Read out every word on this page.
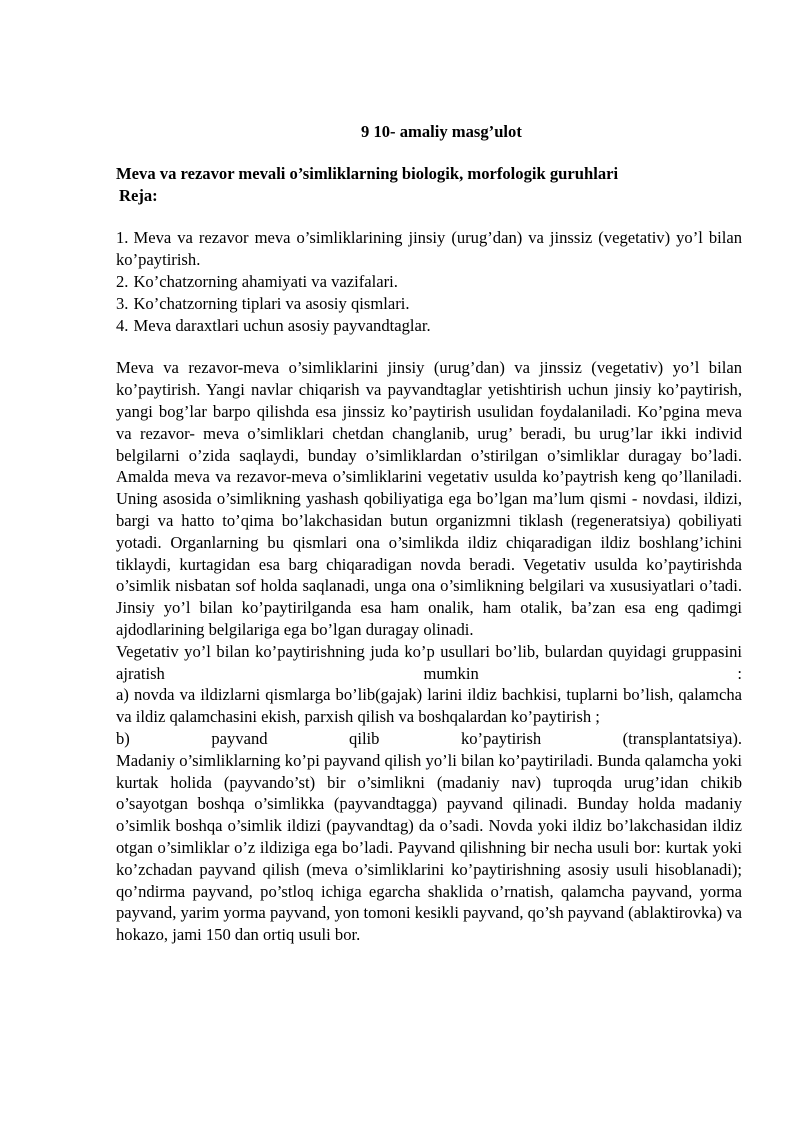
9 10- amaliy masg’ulot
Meva va rezavor mevali o’simliklarning biologik, morfologik guruhlari
Reja:
1. Meva va rezavor meva o’simliklarining jinsiy (urug’dan) va jinssiz (vegetativ) yo’l bilan ko’paytirish.
2. Ko’chatzorning ahamiyati va vazifalari.
3. Ko’chatzorning tiplari va asosiy qismlari.
4. Meva daraxtlari uchun asosiy payvandtaglar.

Meva va rezavor-meva o’simliklarini jinsiy (urug’dan) va jinssiz (vegetativ) yo’l bilan ko’paytirish. Yangi navlar chiqarish va payvandtaglar yetishtirish uchun jinsiy ko’paytirish, yangi bog’lar barpo qilishda esa jinssiz ko’paytirish usulidan foydalaniladi. Ko’pgina meva va rezavor- meva o’simliklari chetdan changlanib, urug’ beradi, bu urug’lar ikki individ belgilarni o’zida saqlaydi, bunday o’simliklardan o’stirilgan o’simliklar duragay bo’ladi. Amalda meva va rezavor-meva o’simliklarini vegetativ usulda ko’paytrish keng qo’llaniladi. Uning asosida o’simlikning yashash qobiliyatiga ega bo’lgan ma’lum qismi - novdasi, ildizi, bargi va hatto to’qima bo’lakchasidan butun organizmni tiklash (regeneratsiya) qobiliyati yotadi. Organlarning bu qismlari ona o’simlikda ildiz chiqaradigan ildiz boshlang’ichini tiklaydi, kurtagidan esa barg chiqaradigan novda beradi. Vegetativ usulda ko’paytirishda o’simlik nisbatan sof holda saqlanadi, unga ona o’simlikning belgilari va xususiyatlari o’tadi. Jinsiy yo’l bilan ko’paytirilganda esa ham onalik, ham otalik, ba’zan esa eng qadimgi ajdodlarining belgilariga ega bo’lgan duragay olinadi.

Vegetativ yo’l bilan ko’paytirishning juda ko’p usullari bo’lib, bulardan quyidagi gruppasini ajratish mumkin :

a) novda va ildizlarni qismlarga bo’lib(gajak) larini ildiz bachkisi, tuplarni bo’lish, qalamcha va ildiz qalamchasini ekish, parxish qilish va boshqalardan ko’paytirish ;

b) payvand qilib ko’paytirish (transplantatsiya).

Madaniy o’simliklarning ko’pi payvand qilish yo’li bilan ko’paytiriladi. Bunda qalamcha yoki kurtak holida (payvando’st) bir o’simlikni (madaniy nav) tuproqda urug’idan chikib o’sayotgan boshqa o’simlikka (payvandtagga) payvand qilinadi. Bunday holda madaniy o’simlik boshqa o’simlik ildizi (payvandtag) da o’sadi. Novda yoki ildiz bo’lakchasidan ildiz otgan o’simliklar o’z ildiziga ega bo’ladi. Payvand qilishning bir necha usuli bor: kurtak yoki ko’zchadan payvand qilish (meva o’simliklarini ko’paytirishning asosiy usuli hisoblanadi); qo’ndirma payvand, po’stloq ichiga egarcha shaklida o’rnatish, qalamcha payvand, yorma payvand, yarim yorma payvand, yon tomoni kesikli payvand, qo’sh payvand (ablaktirovka) va hokazo, jami 150 dan ortiq usuli bor.
